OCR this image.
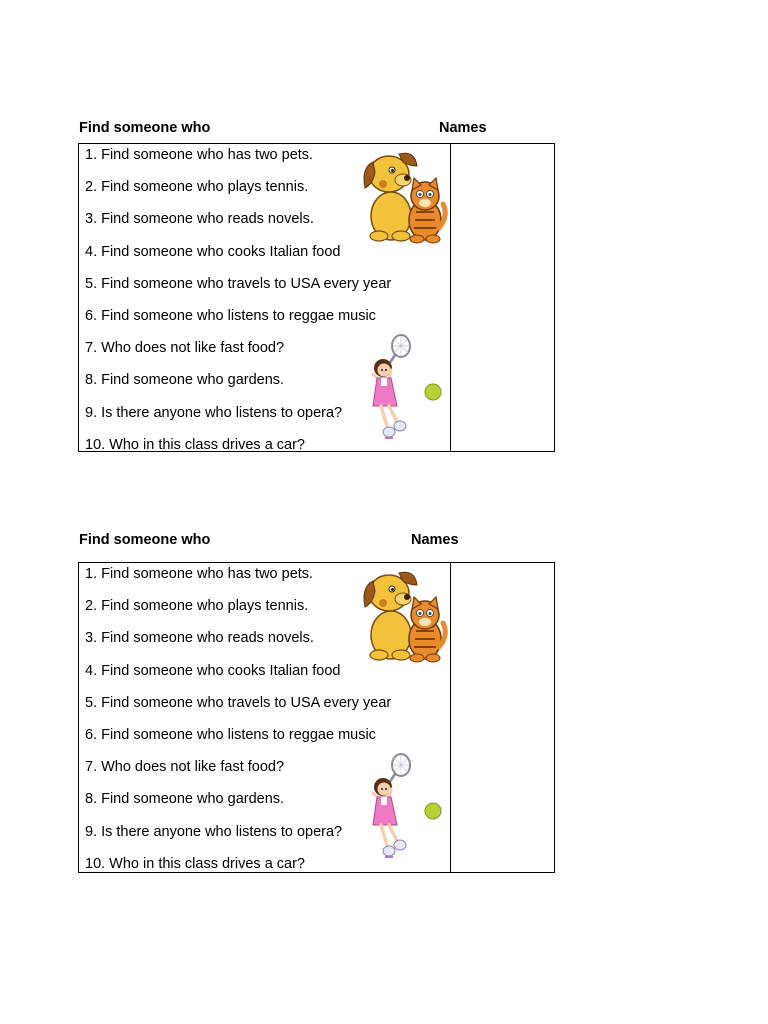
Find someone who	Names
1. Find someone who has two pets.
2. Find someone who plays tennis.
3. Find someone who reads novels.
4. Find someone who cooks Italian food
5. Find someone who travels to USA every year
6. Find someone who listens to reggae music
7. Who does not like fast food?
8. Find someone who gardens.
9. Is there anyone who listens to opera?
10. Who in this class drives a car?
Find someone who	Names
1. Find someone who has two pets.
2. Find someone who plays tennis.
3. Find someone who reads novels.
4. Find someone who cooks Italian food
5. Find someone who travels to USA every year
6. Find someone who listens to reggae music
7. Who does not like fast food?
8. Find someone who gardens.
9. Is there anyone who listens to opera?
10. Who in this class drives a car?
